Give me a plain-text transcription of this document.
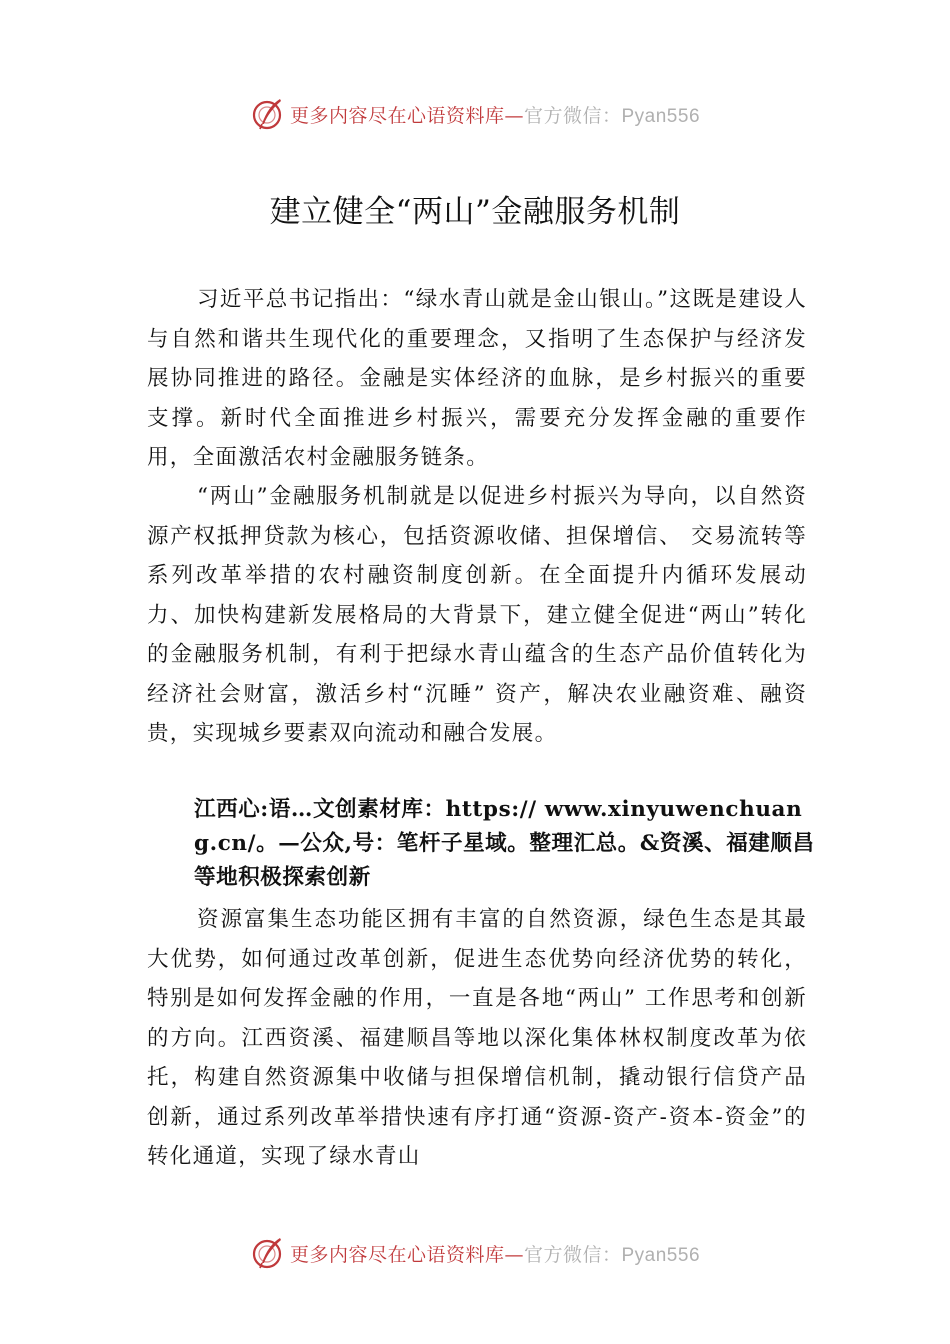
更多内容尽在心语资料库—官方微信：Pyan556
建立健全“两山”金融服务机制
习近平总书记指出：“绿水青山就是金山银山。”这既是建设人与自然和谐共生现代化的重要理念，又指明了生态保护与经济发展协同推进的路径。金融是实体经济的血脉，是乡村振兴的重要支撑。新时代全面推进乡村振兴，需要充分发挥金融的重要作用，全面激活农村金融服务链条。
“两山”金融服务机制就是以促进乡村振兴为导向，以自然资源产权抵押贷款为核心，包括资源收储、担保增信、 交易流转等系列改革举措的农村融资制度创新。在全面提升内循环发展动力、加快构建新发展格局的大背景下，建立健全促进“两山”转化的金融服务机制，有利于把绿水青山蕴含的生态产品价值转化为经济社会财富，激活乡村“沉睡” 资产，解决农业融资难、融资贵，实现城乡要素双向流动和融合发展。
江西心:语…文创素材库：https:// www.xinyuwenchuang.cn/。—公众,号：笔杆子星域。整理汇总。&资溪、福建顺昌等地积极探索创新
资源富集生态功能区拥有丰富的自然资源，绿色生态是其最大优势，如何通过改革创新，促进生态优势向经济优势的转化，特别是如何发挥金融的作用，一直是各地“两山” 工作思考和创新的方向。江西资溪、福建顺昌等地以深化集体林权制度改革为依托，构建自然资源集中收储与担保增信机制，撬动银行信贷产品创新，通过系列改革举措快速有序打通“资源-资产-资本-资金”的转化通道，实现了绿水青山
更多内容尽在心语资料库—官方微信：Pyan556
